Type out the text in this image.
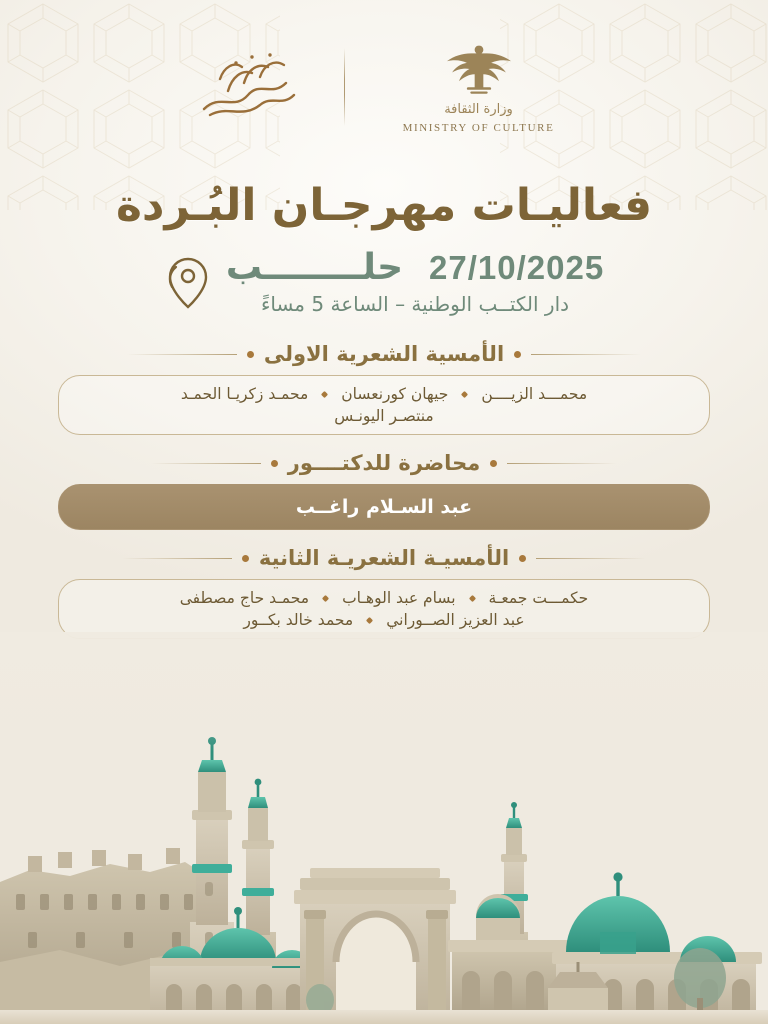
وزارة الثقافة
MINISTRY OF CULTURE
فعاليـات مهرجـان البُـردة
حلــــــــب 27/10/2025
دار الكتــب الوطنية – الساعة 5 مساءً
الأمسية الشعرية الاولى
محمـد زكريـا الحمـد جيهان كورنعسان محمـــد الزيــــن
منتصـر اليونـس
محاضرة للدكتــــور
عبد السـلام راغــب
الأمسيـة الشعريـة الثانية
محمـد حاج مصطفى بسام عبد الوهـاب حكمـــت جمعـة
محمد خالد بكــور عبد العزيز الصــوراني
